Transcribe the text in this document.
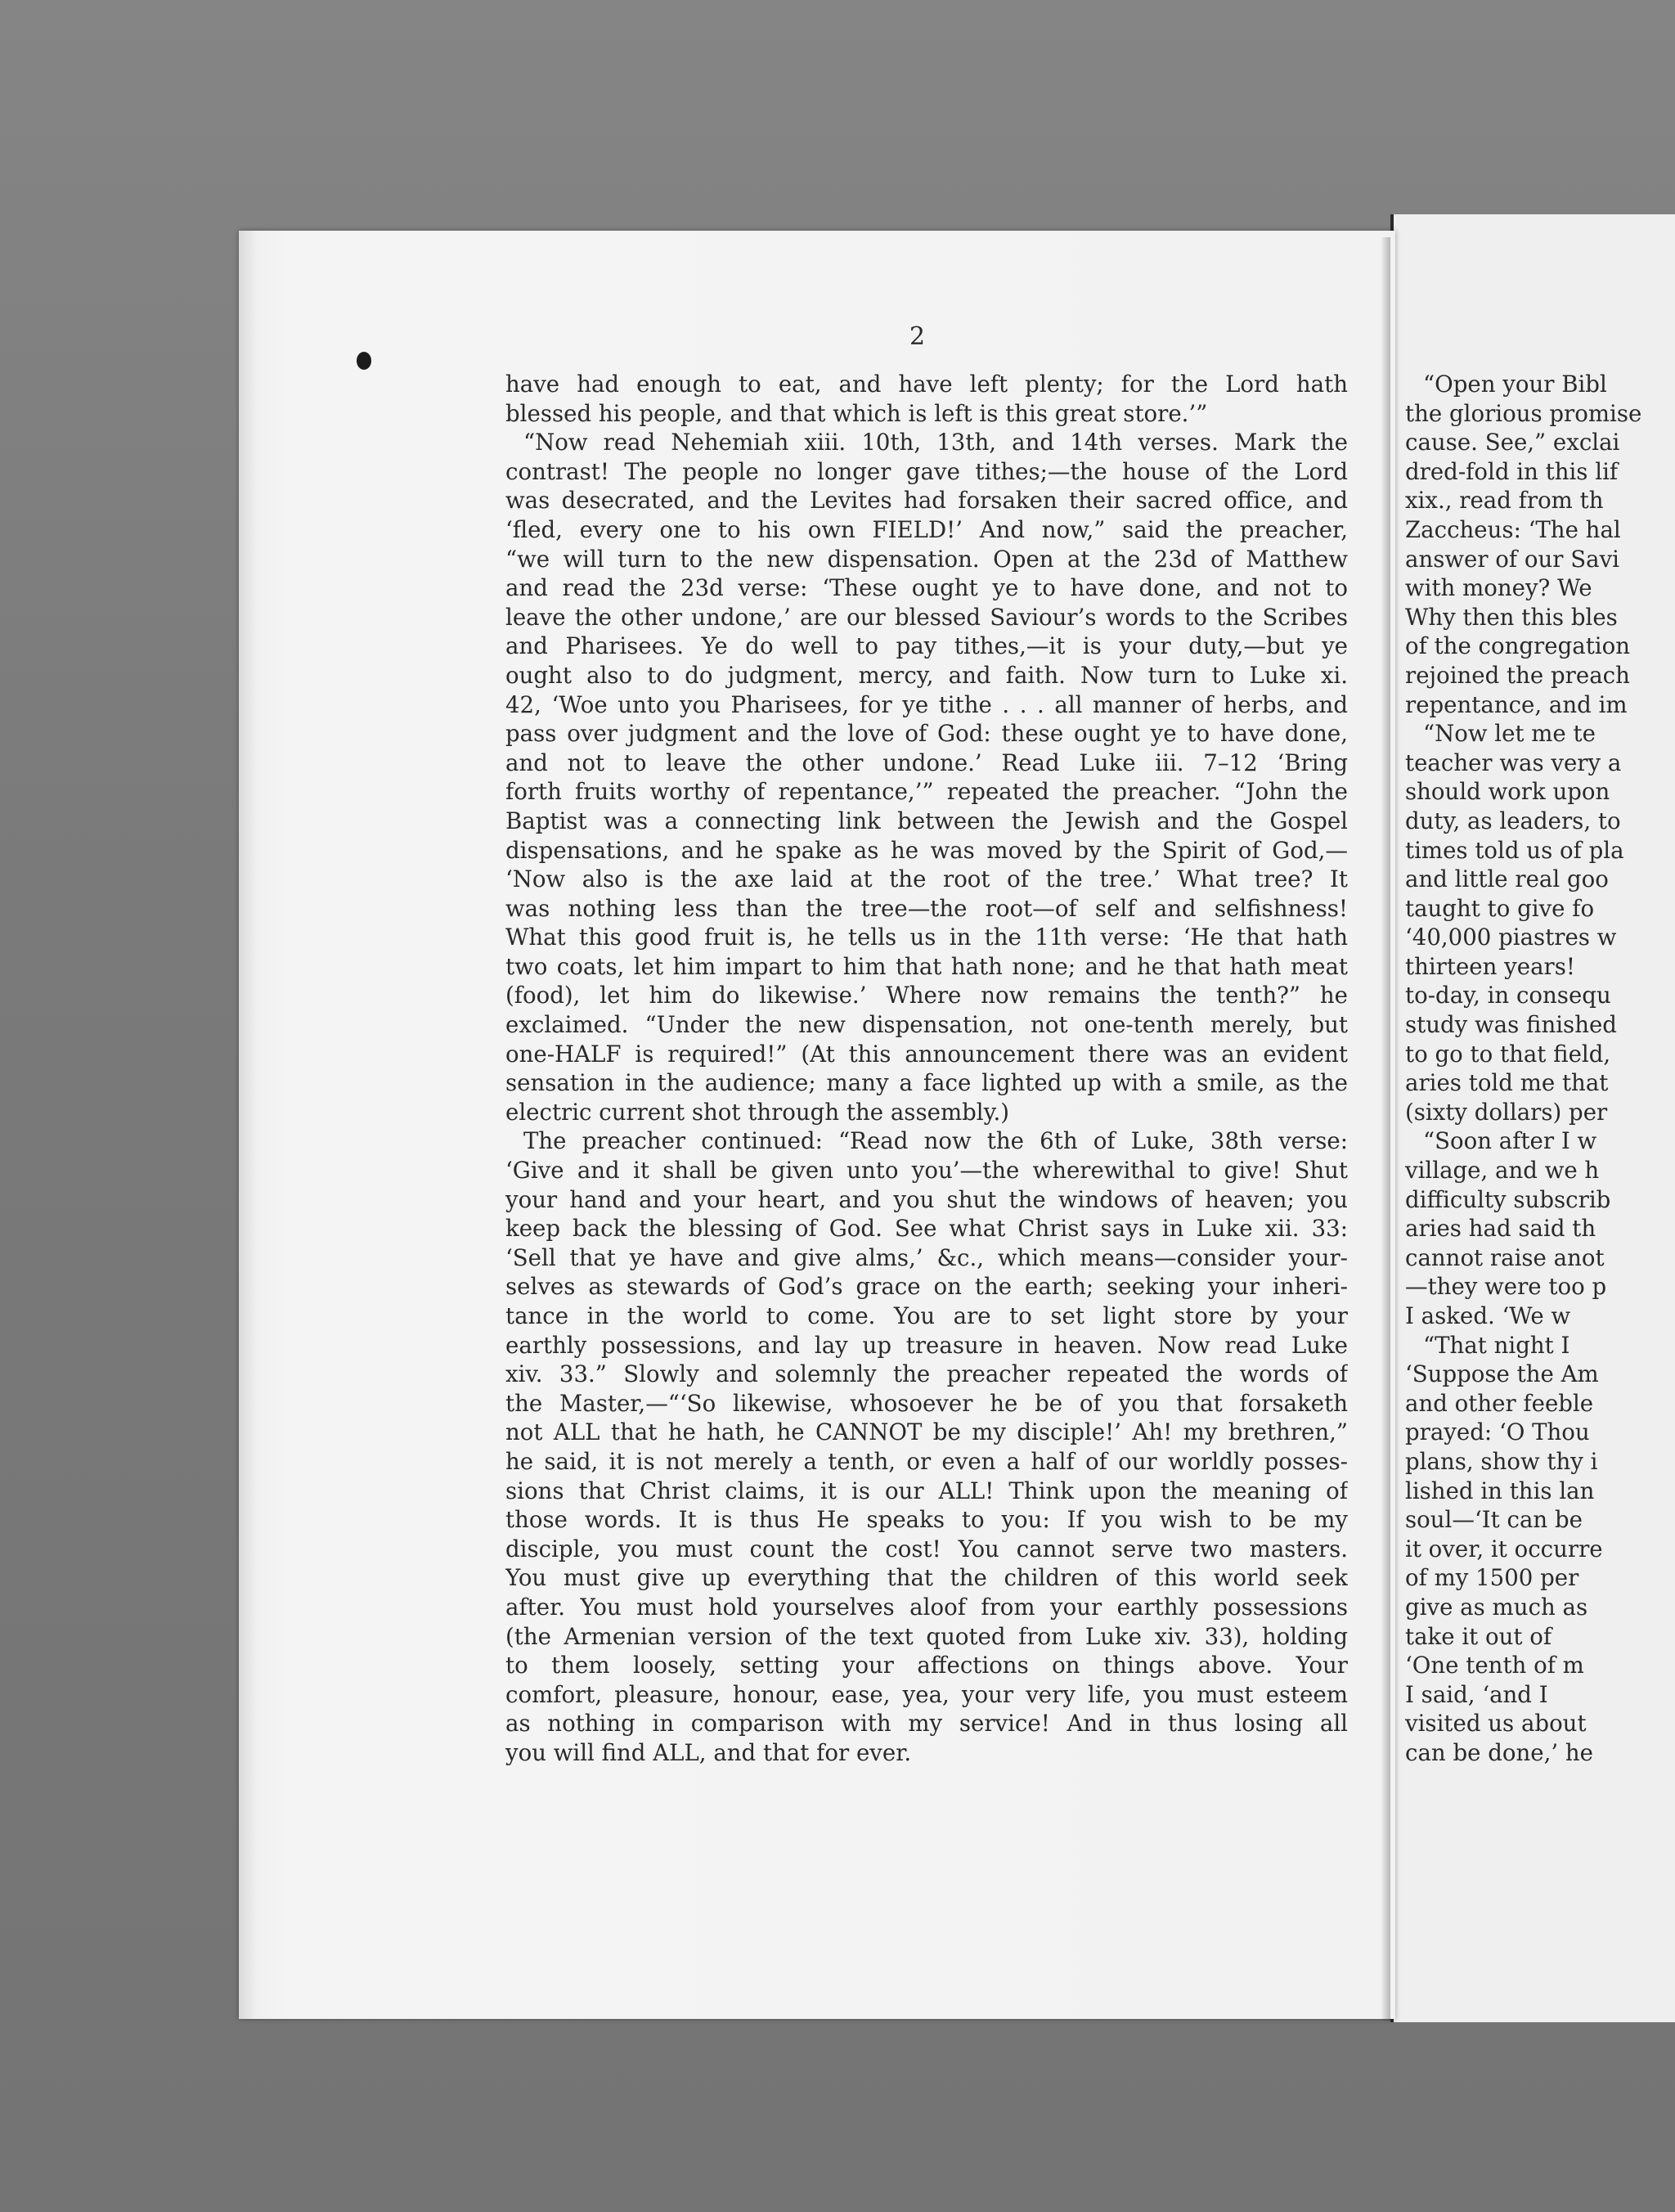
2
have had enough to eat, and have left plenty; for the Lord hath
blessed his people, and that which is left is this great store.’”
“Now read Nehemiah xiii. 10th, 13th, and 14th verses. Mark the
contrast! The people no longer gave tithes;—the house of the Lord
was desecrated, and the Levites had forsaken their sacred office, and
‘fled, every one to his own FIELD!’ And now,” said the preacher,
“we will turn to the new dispensation. Open at the 23d of Matthew
and read the 23d verse: ‘These ought ye to have done, and not to
leave the other undone,’ are our blessed Saviour’s words to the Scribes
and Pharisees. Ye do well to pay tithes,—it is your duty,—but ye
ought also to do judgment, mercy, and faith. Now turn to Luke xi.
42, ‘Woe unto you Pharisees, for ye tithe . . . all manner of herbs, and
pass over judgment and the love of God: these ought ye to have done,
and not to leave the other undone.’ Read Luke iii. 7–12 ‘Bring
forth fruits worthy of repentance,’” repeated the preacher. “John the
Baptist was a connecting link between the Jewish and the Gospel
dispensations, and he spake as he was moved by the Spirit of God,—
‘Now also is the axe laid at the root of the tree.’ What tree? It
was nothing less than the tree—the root—of self and selfishness!
What this good fruit is, he tells us in the 11th verse: ‘He that hath
two coats, let him impart to him that hath none; and he that hath meat
(food), let him do likewise.’ Where now remains the tenth?” he
exclaimed. “Under the new dispensation, not one-tenth merely, but
one-HALF is required!” (At this announcement there was an evident
sensation in the audience; many a face lighted up with a smile, as the
electric current shot through the assembly.)
The preacher continued: “Read now the 6th of Luke, 38th verse:
‘Give and it shall be given unto you’—the wherewithal to give! Shut
your hand and your heart, and you shut the windows of heaven; you
keep back the blessing of God. See what Christ says in Luke xii. 33:
‘Sell that ye have and give alms,’ &c., which means—consider your-
selves as stewards of God’s grace on the earth; seeking your inheri-
tance in the world to come. You are to set light store by your
earthly possessions, and lay up treasure in heaven. Now read Luke
xiv. 33.” Slowly and solemnly the preacher repeated the words of
the Master,—“‘So likewise, whosoever he be of you that forsaketh
not ALL that he hath, he CANNOT be my disciple!’ Ah! my brethren,”
he said, it is not merely a tenth, or even a half of our worldly posses-
sions that Christ claims, it is our ALL! Think upon the meaning of
those words. It is thus He speaks to you: If you wish to be my
disciple, you must count the cost! You cannot serve two masters.
You must give up everything that the children of this world seek
after. You must hold yourselves aloof from your earthly possessions
(the Armenian version of the text quoted from Luke xiv. 33), holding
to them loosely, setting your affections on things above. Your
comfort, pleasure, honour, ease, yea, your very life, you must esteem
as nothing in comparison with my service! And in thus losing all
you will find ALL, and that for ever.
“Open your Bibl
the glorious promise
cause. See,” exclai
dred-fold in this lif
xix., read from th
Zaccheus: ‘The hal
answer of our Savi
with money? We
Why then this bles
of the congregation
rejoined the preach
repentance, and im
“Now let me te
teacher was very a
should work upon
duty, as leaders, to
times told us of pla
and little real goo
taught to give fo
‘40,000 piastres w
thirteen years!
to-day, in consequ
study was finished
to go to that field,
aries told me that
(sixty dollars) per
“Soon after I w
village, and we h
difficulty subscrib
aries had said th
cannot raise anot
—they were too p
I asked. ‘We w
“That night I
‘Suppose the Am
and other feeble
prayed: ‘O Thou
plans, show thy i
lished in this lan
soul—‘It can be
it over, it occurre
of my 1500 per
give as much as
take it out of
‘One tenth of m
I said, ‘and I
visited us about
can be done,’ he
